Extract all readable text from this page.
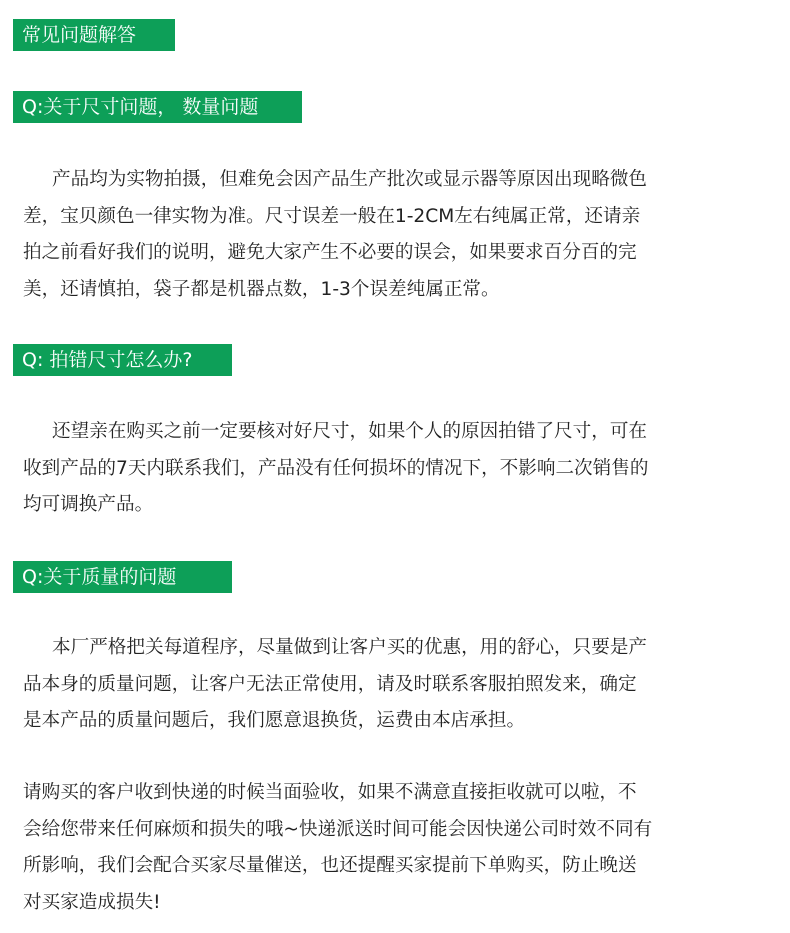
常见问题解答
Q:关于尺寸问题， 数量问题
产品均为实物拍摄，但难免会因产品生产批次或显示器等原因出现略微色
差，宝贝颜色一律实物为准。尺寸误差一般在1-2CM左右纯属正常，还请亲
拍之前看好我们的说明，避免大家产生不必要的误会，如果要求百分百的完
美，还请慎拍，袋子都是机器点数，1-3个误差纯属正常。
Q: 拍错尺寸怎么办?
还望亲在购买之前一定要核对好尺寸，如果个人的原因拍错了尺寸，可在
收到产品的7天内联系我们，产品没有任何损坏的情况下，不影响二次销售的
均可调换产品。
Q:关于质量的问题
本厂严格把关每道程序，尽量做到让客户买的优惠，用的舒心，只要是产
品本身的质量问题，让客户无法正常使用，请及时联系客服拍照发来，确定
是本产品的质量问题后，我们愿意退换货，运费由本店承担。
请购买的客户收到快递的时候当面验收，如果不满意直接拒收就可以啦，不
会给您带来任何麻烦和损失的哦~快递派送时间可能会因快递公司时效不同有
所影响，我们会配合买家尽量催送，也还提醒买家提前下单购买，防止晚送
对买家造成损失!
